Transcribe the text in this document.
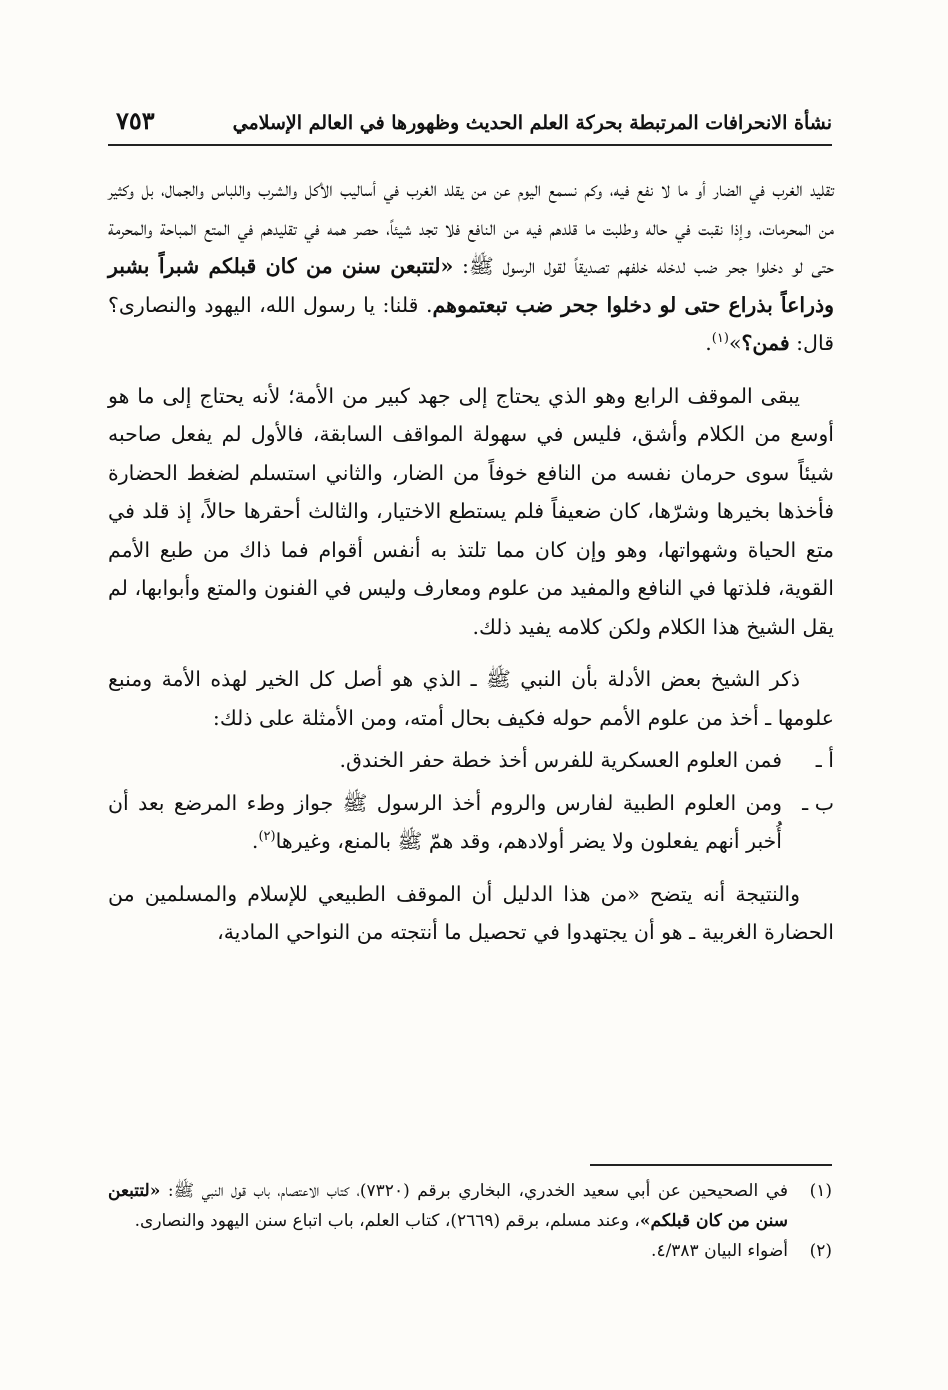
نشأة الانحرافات المرتبطة بحركة العلم الحديث وظهورها في العالم الإسلامي
٧٥٣

تقليد الغرب في الضار أو ما لا نفع فيه، وكم نسمع اليوم عن من يقلد الغرب في أساليب الأكل والشرب واللباس والجمال، بل وكثير من المحرمات، وإذا نقبت في حاله وطلبت ما قلدهم فيه من النافع فلا تجد شيئاً، حصر همه في تقليدهم في المتع المباحة والمحرمة حتى لو دخلوا جحر ضب لدخله خلفهم تصديقاً لقول الرسول ﷺ: «لتتبعن سنن من كان قبلكم شبراً بشبر وذراعاً بذراع حتى لو دخلوا جحر ضب تبعتموهم. قلنا: يا رسول الله، اليهود والنصارى؟ قال: فمن؟»$^{(١)}$.

يبقى الموقف الرابع وهو الذي يحتاج إلى جهد كبير من الأمة؛ لأنه يحتاج إلى ما هو أوسع من الكلام وأشق، فليس في سهولة المواقف السابقة، فالأول لم يفعل صاحبه شيئاً سوى حرمان نفسه من النافع خوفاً من الضار، والثاني استسلم لضغط الحضارة فأخذها بخيرها وشرّها، كان ضعيفاً فلم يستطع الاختيار، والثالث أحقرها حالاً، إذ قلد في متع الحياة وشهواتها، وهو وإن كان مما تلتذ به أنفس أقوام فما ذاك من طبع الأمم القوية، فلذتها في النافع والمفيد من علوم ومعارف وليس في الفنون والمتع وأبوابها، لم يقل الشيخ هذا الكلام ولكن كلامه يفيد ذلك.

ذكر الشيخ بعض الأدلة بأن النبي ﷺ ـ الذي هو أصل كل الخير لهذه الأمة ومنبع علومها ـ أخذ من علوم الأمم حوله فكيف بحال أمته، ومن الأمثلة على ذلك:

أ ـ
فمن العلوم العسكرية للفرس أخذ خطة حفر الخندق.
ب ـ
ومن العلوم الطبية لفارس والروم أخذ الرسول ﷺ جواز وطء المرضع بعد أن أُخبر أنهم يفعلون ولا يضر أولادهم، وقد همّ ﷺ بالمنع، وغيرها$^{(٢)}$.

والنتيجة أنه يتضح «من هذا الدليل أن الموقف الطبيعي للإسلام والمسلمين من الحضارة الغربية ـ هو أن يجتهدوا في تحصيل ما أنتجته من النواحي المادية،

(١)
في الصحيحين عن أبي سعيد الخدري، البخاري برقم (٧٣٢٠)، كتاب الاعتصام، باب قول النبي ﷺ: «لتتبعن سنن من كان قبلكم»، وعند مسلم، برقم (٢٦٦٩)، كتاب العلم، باب اتباع سنن اليهود والنصارى.
(٢)
أضواء البيان ٤/٣٨٣.
